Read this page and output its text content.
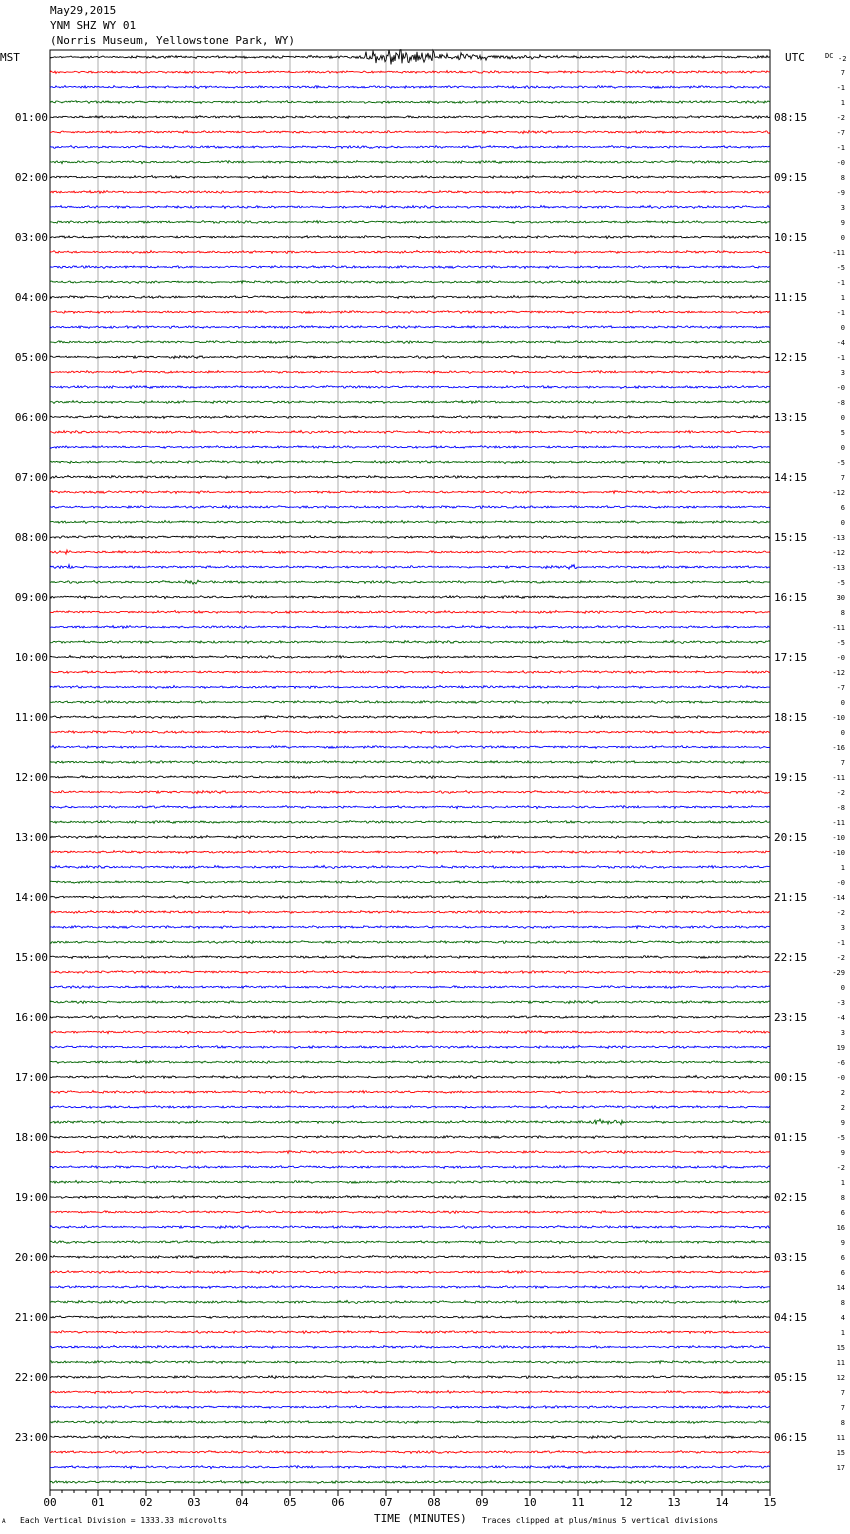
May29,2015
YNM SHZ WY 01
(Norris Museum, Yellowstone Park, WY)
00	01	02	03	04	05	06	07	08	09	10	11	12	13	14	15
MST	UTC	DC -2
01:00
02:00
03:00
04:00
05:00
06:00
07:00
08:00
09:00
10:00
11:00
12:00
13:00
14:00
15:00
16:00
17:00
18:00
19:00
20:00
21:00
22:00
23:00
08:15
09:15
10:15
11:15
12:15
13:15
14:15
15:15
16:15
17:15
18:15
19:15
20:15
21:15
22:15
23:15
00:15
01:15
02:15
03:15
04:15
05:15
06:15
7
-1
1
-2
-7
-1
-0
8
-9
3
9
0
-11
-5
-1
1
-1
0
-4
-1
3
-0
-8
0
5
0
-5
7
-12
6
0
-13
-12
-13
-5
30
8
-11
-5
-0
-12
-7
0
-10
0
-16
7
-11
-2
-8
-11
-10
-10
1
-0
-14
-2
3
-1
-2
-29
0
-3
-4
3
19
-6
-0
2
2
9
-5
9
-2
1
8
6
16
9
6
6
14
8
4
1
15
11
12
7
7
8
11
15
17
TIME (MINUTES)
Each Vertical Division = 1333.33 microvolts	Traces clipped at plus/minus 5 vertical divisions
A
